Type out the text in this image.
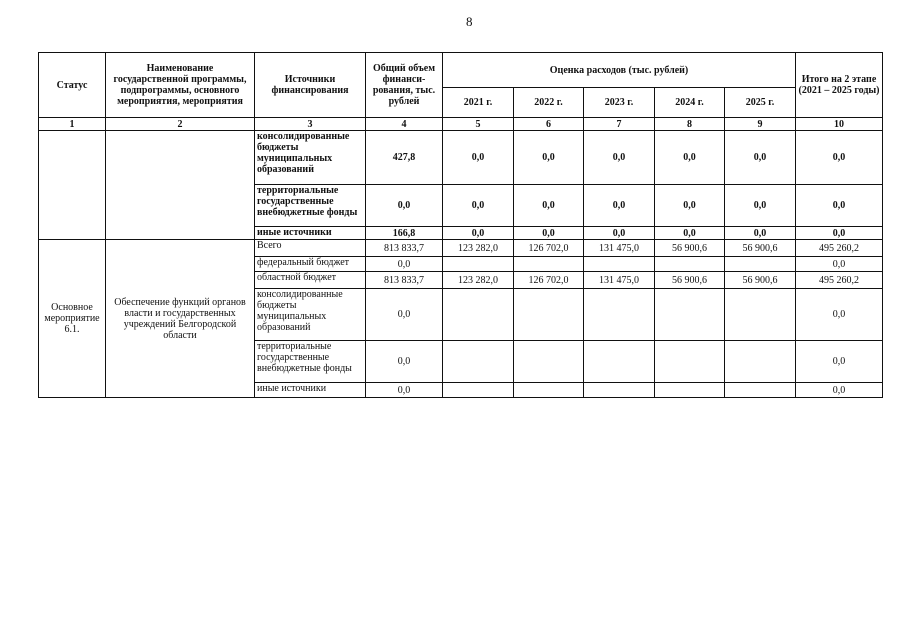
8
Статус	Наименование государственной программы, подпрограммы, основного мероприятия, мероприятия	Источники финансирования	Общий объем финанси-рования, тыс. рублей	Оценка расходов (тыс. рублей)					Итого на 2 этапе (2021 – 2025 годы)
				2021 г.	2022 г.	2023 г.	2024 г.	2025 г.	
1	2	3	4	5	6	7	8	9	10
		консолидированные бюджеты муниципальных образований	427,8	0,0	0,0	0,0	0,0	0,0	0,0
		территориальные государственные внебюджетные фонды	0,0	0,0	0,0	0,0	0,0	0,0	0,0
		иные источники	166,8	0,0	0,0	0,0	0,0	0,0	0,0
Основное мероприятие 6.1.	Обеспечение функций органов власти и государственных учреждений Белгородской области	Всего	813 833,7	123 282,0	126 702,0	131 475,0	56 900,6	56 900,6	495 260,2
		федеральный бюджет	0,0						0,0
		областной бюджет	813 833,7	123 282,0	126 702,0	131 475,0	56 900,6	56 900,6	495 260,2
		консолидированные бюджеты муниципальных образований	0,0						0,0
		территориальные государственные внебюджетные фонды	0,0						0,0
		иные источники	0,0						0,0
